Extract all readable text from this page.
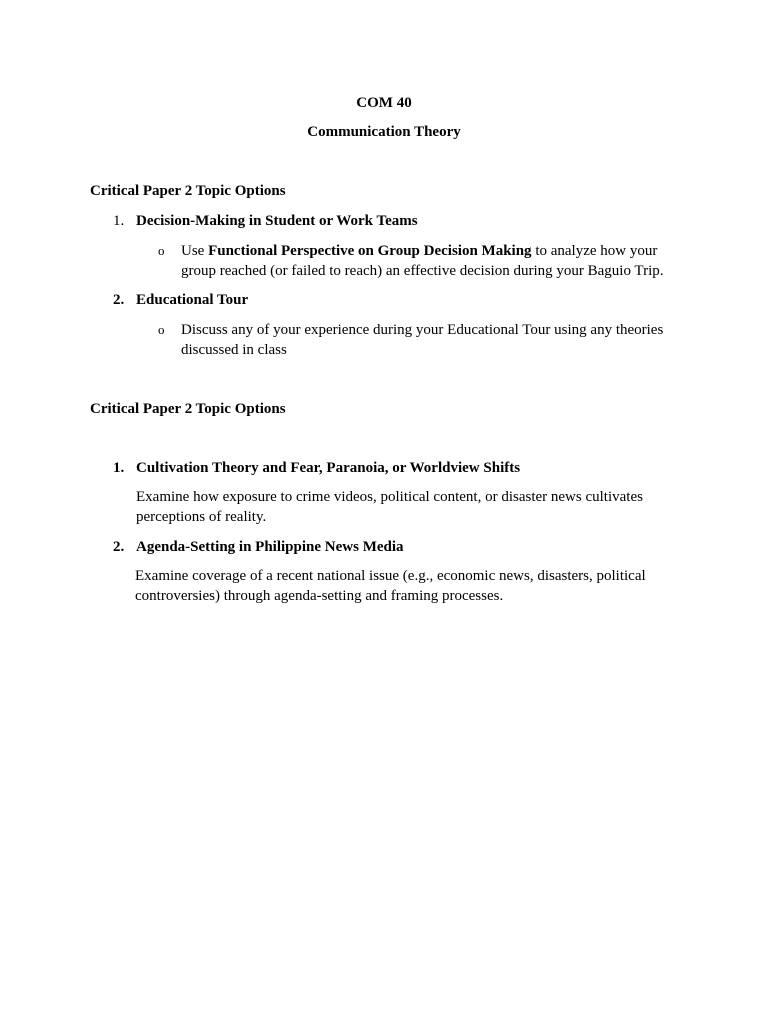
COM 40
Communication Theory
Critical Paper 2 Topic Options
1. Decision-Making in Student or Work Teams
o Use Functional Perspective on Group Decision Making to analyze how your
group reached (or failed to reach) an effective decision during your Baguio Trip.
2. Educational Tour
o Discuss any of your experience during your Educational Tour using any theories
discussed in class
Critical Paper 2 Topic Options
1. Cultivation Theory and Fear, Paranoia, or Worldview Shifts
Examine how exposure to crime videos, political content, or disaster news cultivates
perceptions of reality.
2. Agenda-Setting in Philippine News Media
Examine coverage of a recent national issue (e.g., economic news, disasters, political
controversies) through agenda-setting and framing processes.
